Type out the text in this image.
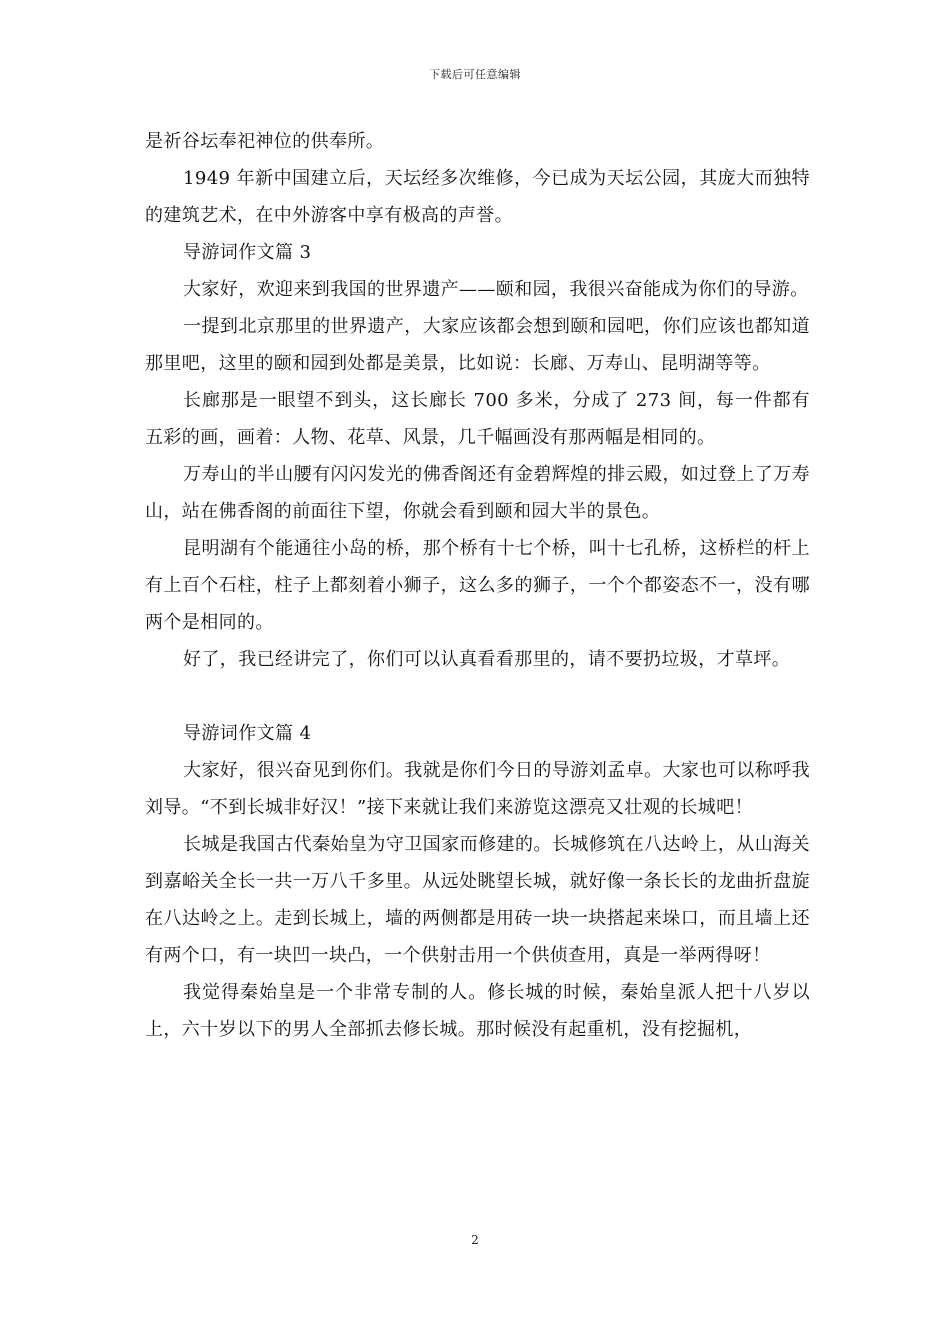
下载后可任意编辑

是祈谷坛奉祀神位的供奉所。

1949 年新中国建立后，天坛经多次维修，今已成为天坛公园，其庞大而独特的建筑艺术，在中外游客中享有极高的声誉。

导游词作文篇 3

大家好，欢迎来到我国的世界遗产——颐和园，我很兴奋能成为你们的导游。

一提到北京那里的世界遗产，大家应该都会想到颐和园吧，你们应该也都知道那里吧，这里的颐和园到处都是美景，比如说：长廊、万寿山、昆明湖等等。

长廊那是一眼望不到头，这长廊长 700 多米，分成了 273 间，每一件都有五彩的画，画着：人物、花草、风景，几千幅画没有那两幅是相同的。

万寿山的半山腰有闪闪发光的佛香阁还有金碧辉煌的排云殿，如过登上了万寿山，站在佛香阁的前面往下望，你就会看到颐和园大半的景色。

昆明湖有个能通往小岛的桥，那个桥有十七个桥，叫十七孔桥，这桥栏的杆上有上百个石柱，柱子上都刻着小狮子，这么多的狮子，一个个都姿态不一，没有哪两个是相同的。

好了，我已经讲完了，你们可以认真看看那里的，请不要扔垃圾，才草坪。

导游词作文篇 4

大家好，很兴奋见到你们。我就是你们今日的导游刘孟卓。大家也可以称呼我刘导。“不到长城非好汉！”接下来就让我们来游览这漂亮又壮观的长城吧！

长城是我国古代秦始皇为守卫国家而修建的。长城修筑在八达岭上，从山海关到嘉峪关全长一共一万八千多里。从远处眺望长城，就好像一条长长的龙曲折盘旋在八达岭之上。走到长城上，墙的两侧都是用砖一块一块搭起来垛口，而且墙上还有两个口，有一块凹一块凸，一个供射击用一个供侦查用，真是一举两得呀！

我觉得秦始皇是一个非常专制的人。修长城的时候，秦始皇派人把十八岁以上，六十岁以下的男人全部抓去修长城。那时候没有起重机，没有挖掘机，

2
